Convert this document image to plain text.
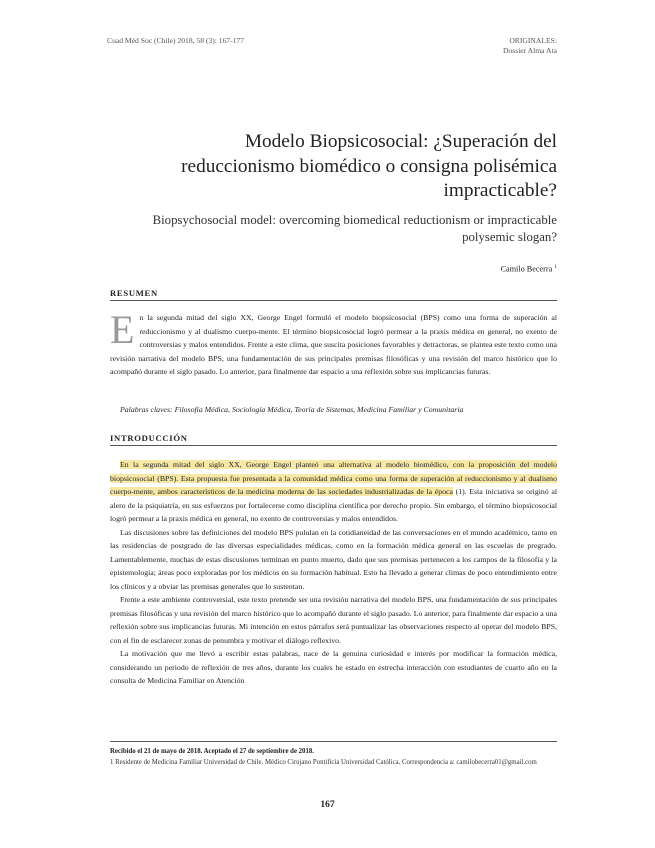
Cuad Méd Soc (Chile) 2018, 58 (3): 167-177	ORIGINALES:
Dossier Alma Ata
Modelo Biopsicosocial: ¿Superación del reduccionismo biomédico o consigna polisémica impracticable?
Biopsychosocial model: overcoming biomedical reductionism or impracticable polysemic slogan?
Camilo Becerra $^1$
RESUMEN
En la segunda mitad del siglo XX, George Engel formuló el modelo biopsicosocial (BPS) como una forma de superación al reduccionismo y al dualismo cuerpo-mente. El término biopsicosocial logró permear a la praxis médica en general, no exento de controversias y malos entendidos. Frente a este clima, que suscita posiciones favorables y detractoras, se plantea este texto como una revisión narrativa del modelo BPS, una fundamentación de sus principales premisas filosóficas y una revisión del marco histórico que lo acompañó durante el siglo pasado. Lo anterior, para finalmente dar espacio a una reflexión sobre sus implicancias futuras.
Palabras claves: Filosofía Médica, Sociología Médica, Teoría de Sistemas, Medicina Familiar y Comunitaria
INTRODUCCIÓN

En la segunda mitad del siglo XX, George Engel planteó una alternativa al modelo biomédico, con la proposición del modelo biopsicosocial (BPS). Esta propuesta fue presentada a la comunidad médica como una forma de superación al reduccionismo y al dualismo cuerpo-mente, ambos característicos de la medicina moderna de las sociedades industrializadas de la época (1). Esta iniciativa se originó al alero de la psiquiatría, en sus esfuerzos por fortalecerse como disciplina científica por derecho propio. Sin embargo, el término biopsicosocial logró permear a la praxis médica en general, no exento de controversias y malos entendidos.

Las discusiones sobre las definiciones del modelo BPS pululan en la cotidianeidad de las conversaciones en el mundo académico, tanto en las residencias de postgrado de las diversas especialidades médicas, como en la formación médica general en las escuelas de pregrado. Lamentablemente, muchas de estas discusiones terminan en punto muerto, dado que sus premisas pertenecen a los campos de la filosofía y la epistemología; áreas poco exploradas por los médicos en su formación habitual. Esto ha llevado a generar climas de poco entendimiento entre los clínicos y a obviar las premisas generales que lo sustentan.

Frente a este ambiente controversial, este texto pretende ser una revisión narrativa del modelo BPS, una fundamentación de sus principales premisas filosóficas y una revisión del marco histórico que lo acompañó durante el siglo pasado. Lo anterior, para finalmente dar espacio a una reflexión sobre sus implicancias futuras. Mi intención en estos párrafos será puntualizar las observaciones respecto al operar del modelo BPS, con el fin de esclarecer zonas de penumbra y motivar el diálogo reflexivo.

La motivación que me llevó a escribir estas palabras, nace de la genuina curiosidad e interés por modificar la formación médica, considerando un periodo de reflexión de tres años, durante los cuales he estado en estrecha interacción con estudiantes de cuarto año en la consulta de Medicina Familiar en Atención

Recibido el 21 de mayo de 2018. Aceptado el 27 de septiembre de 2018.
1 Residente de Medicina Familiar Universidad de Chile. Médico Cirujano Pontificia Universidad Católica. Correspondencia a: camilobecerra01@gmail.com
167
